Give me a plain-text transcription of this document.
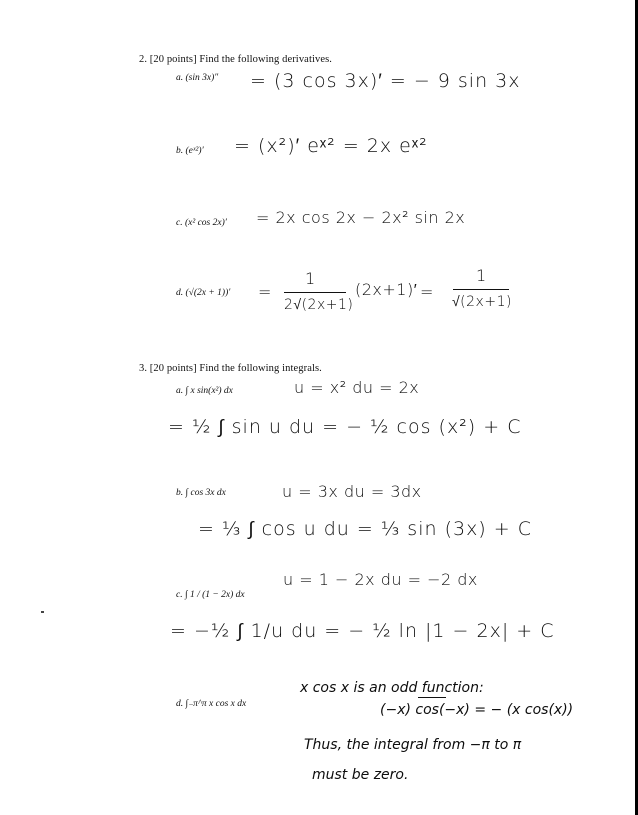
2. [20 points] Find the following derivatives.
a. (sin 3x)″ = (3 cos 3x)′ = − 9 sin 3x
b. (eˣ²)′ = (x²)′ eˣ² = 2x eˣ²
c. (x² cos 2x)′ = 2x cos 2x − 2x² sin 2x
d. (√(2x + 1))′ =
1
2√(2x+1)
(2x+1)′ =
1
√(2x+1)
3. [20 points] Find the following integrals.
a. ∫ x sin(x²) dx	u = x² du = 2x
= ½ ∫ sin u du = − ½ cos (x²) + C
b. ∫ cos 3x dx	u = 3x du = 3dx
= ⅓ ∫ cos u du = ⅓ sin (3x) + C
c. ∫ 1 / (1 − 2x) dx
u = 1 − 2x du = −2 dx
= −½ ∫ 1/u du = − ½ ln |1 − 2x| + C
d. ∫₋π^π x cos x dx
x cos x is an odd function:
(−x) cos(−x) = − (x cos(x))
Thus, the integral from −π to π
must be zero.
